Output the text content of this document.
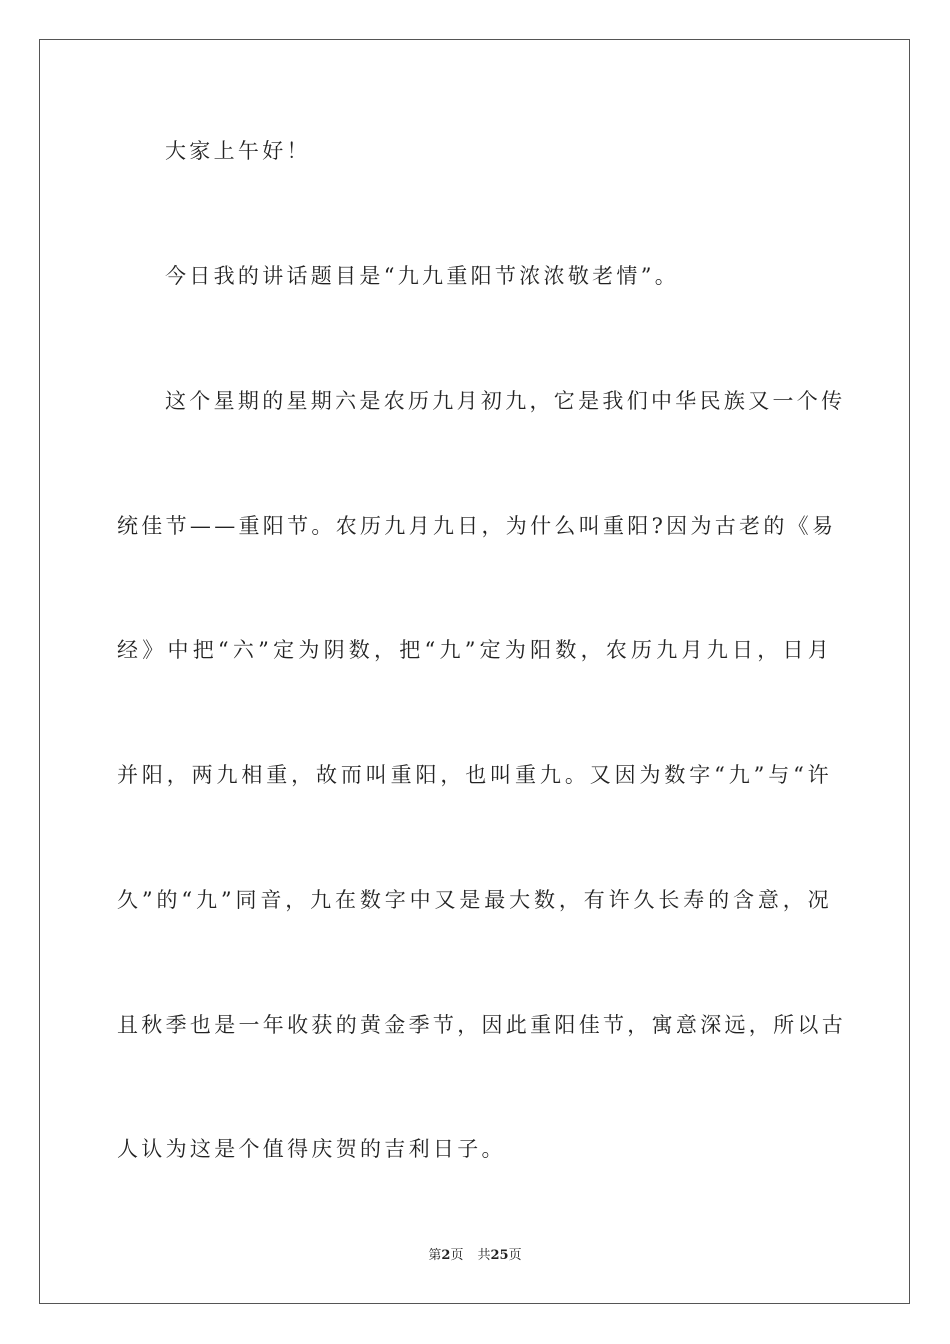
大家上午好！
今日我的讲话题目是“九九重阳节浓浓敬老情”。
这个星期的星期六是农历九月初九，它是我们中华民族又一个传
统佳节——重阳节。农历九月九日，为什么叫重阳?因为古老的《易
经》中把“六”定为阴数，把“九”定为阳数，农历九月九日，日月
并阳，两九相重，故而叫重阳，也叫重九。又因为数字“九”与“许
久”的“九”同音，九在数字中又是最大数，有许久长寿的含意，况
且秋季也是一年收获的黄金季节，因此重阳佳节，寓意深远，所以古
人认为这是个值得庆贺的吉利日子。
第2页 共25页
